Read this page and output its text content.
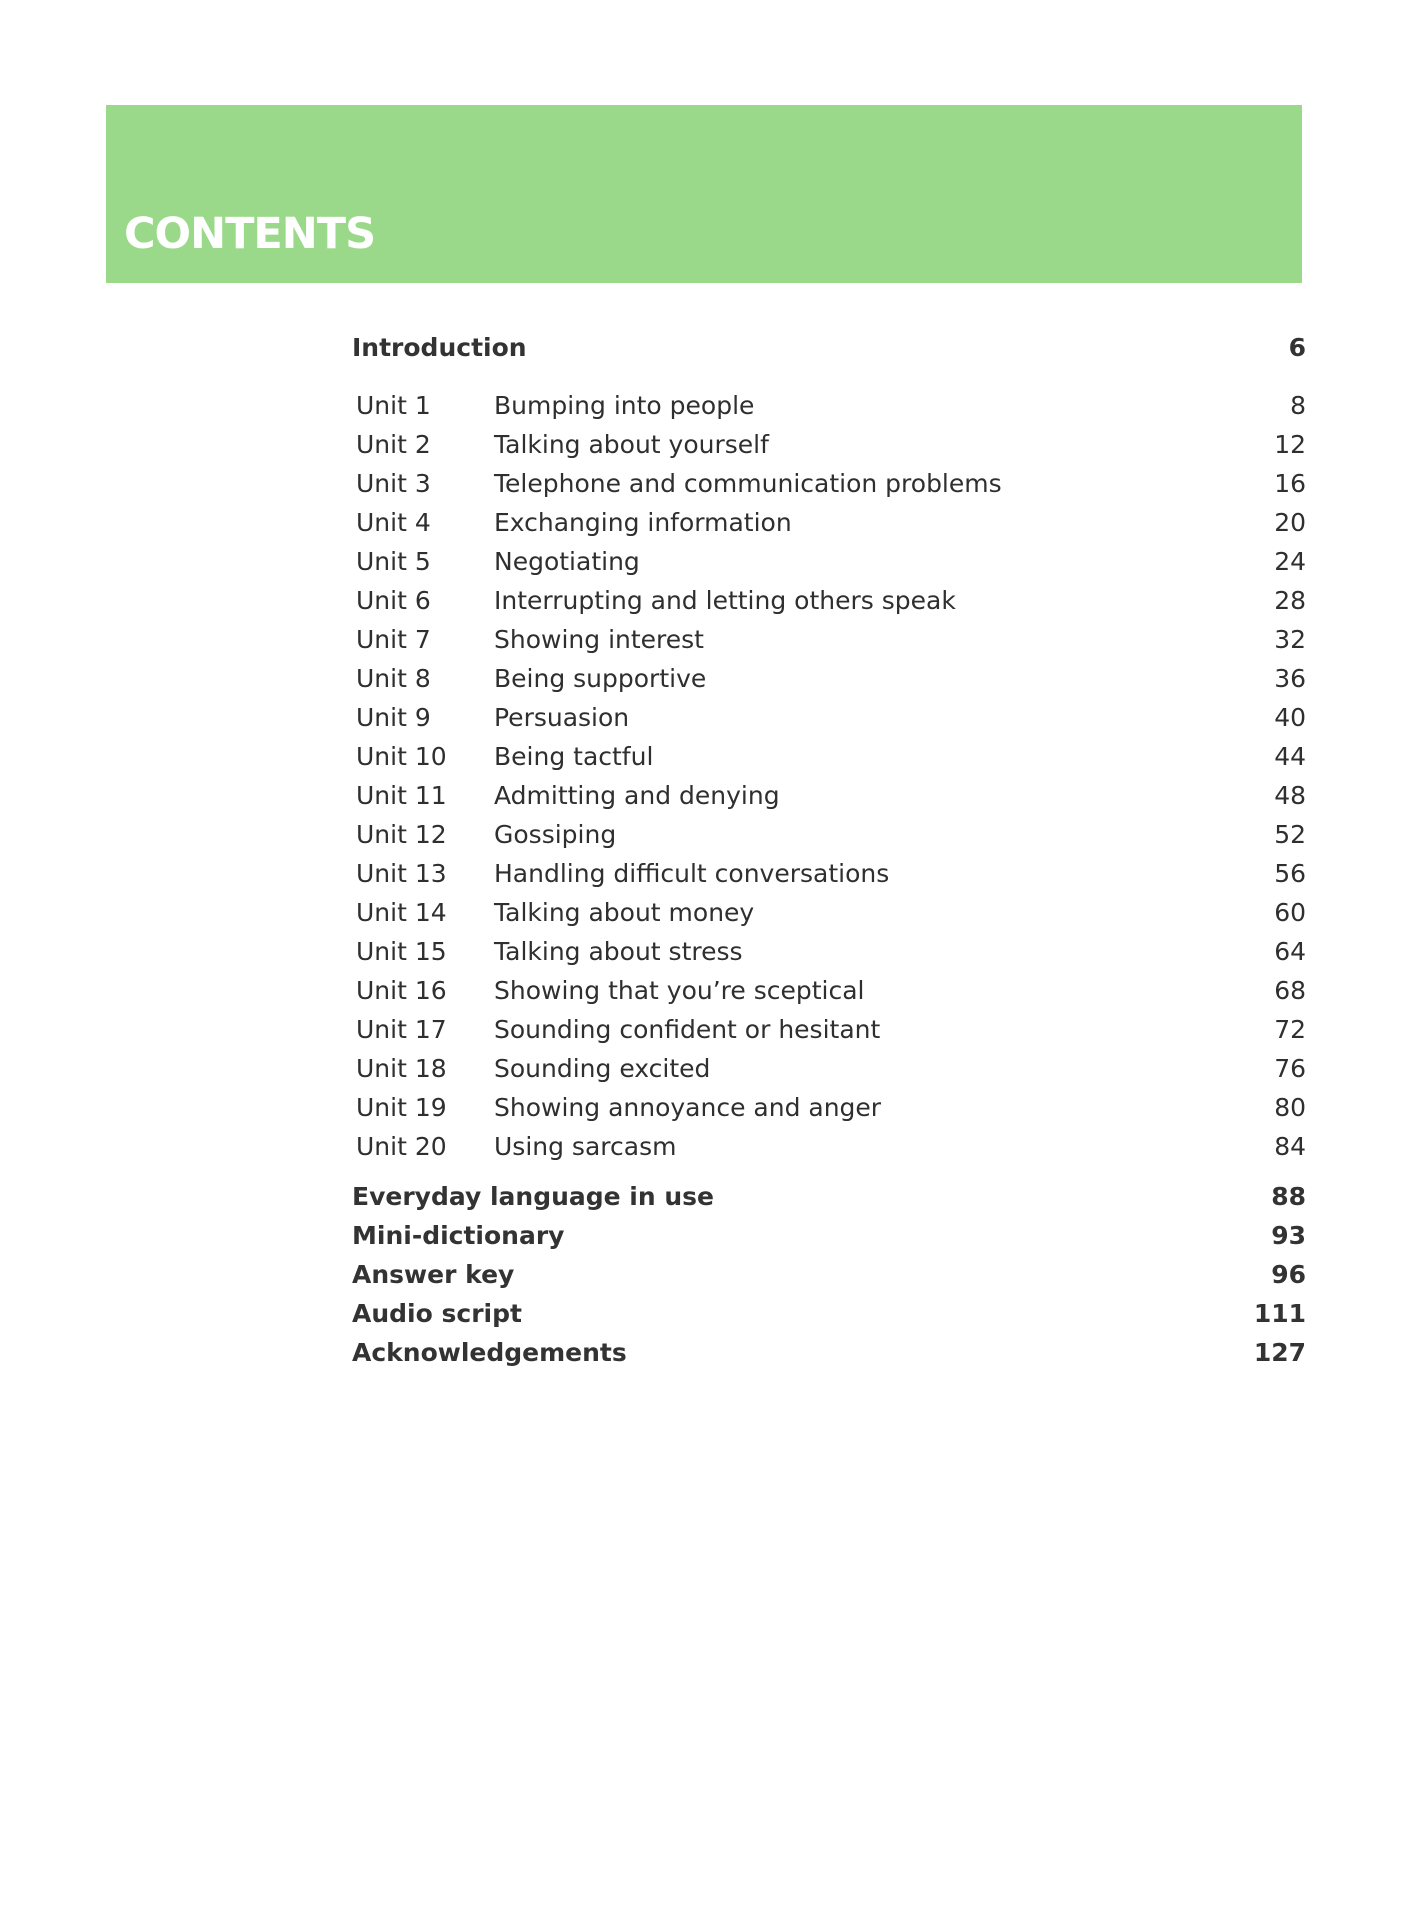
CONTENTS
Introduction	6
Unit 1	Bumping into people	8
Unit 2	Talking about yourself	12
Unit 3	Telephone and communication problems	16
Unit 4	Exchanging information	20
Unit 5	Negotiating	24
Unit 6	Interrupting and letting others speak	28
Unit 7	Showing interest	32
Unit 8	Being supportive	36
Unit 9	Persuasion	40
Unit 10 Being tactful	44
Unit 11 Admitting and denying	48
Unit 12 Gossiping	52
Unit 13 Handling difficult conversations	56
Unit 14 Talking about money	60
Unit 15 Talking about stress	64
Unit 16 Showing that you’re sceptical	68
Unit 17 Sounding confident or hesitant	72
Unit 18 Sounding excited	76
Unit 19 Showing annoyance and anger	80
Unit 20 Using sarcasm	84
Everyday language in use	88
Mini-dictionary	93
Answer key	96
Audio script	111
Acknowledgements	127
